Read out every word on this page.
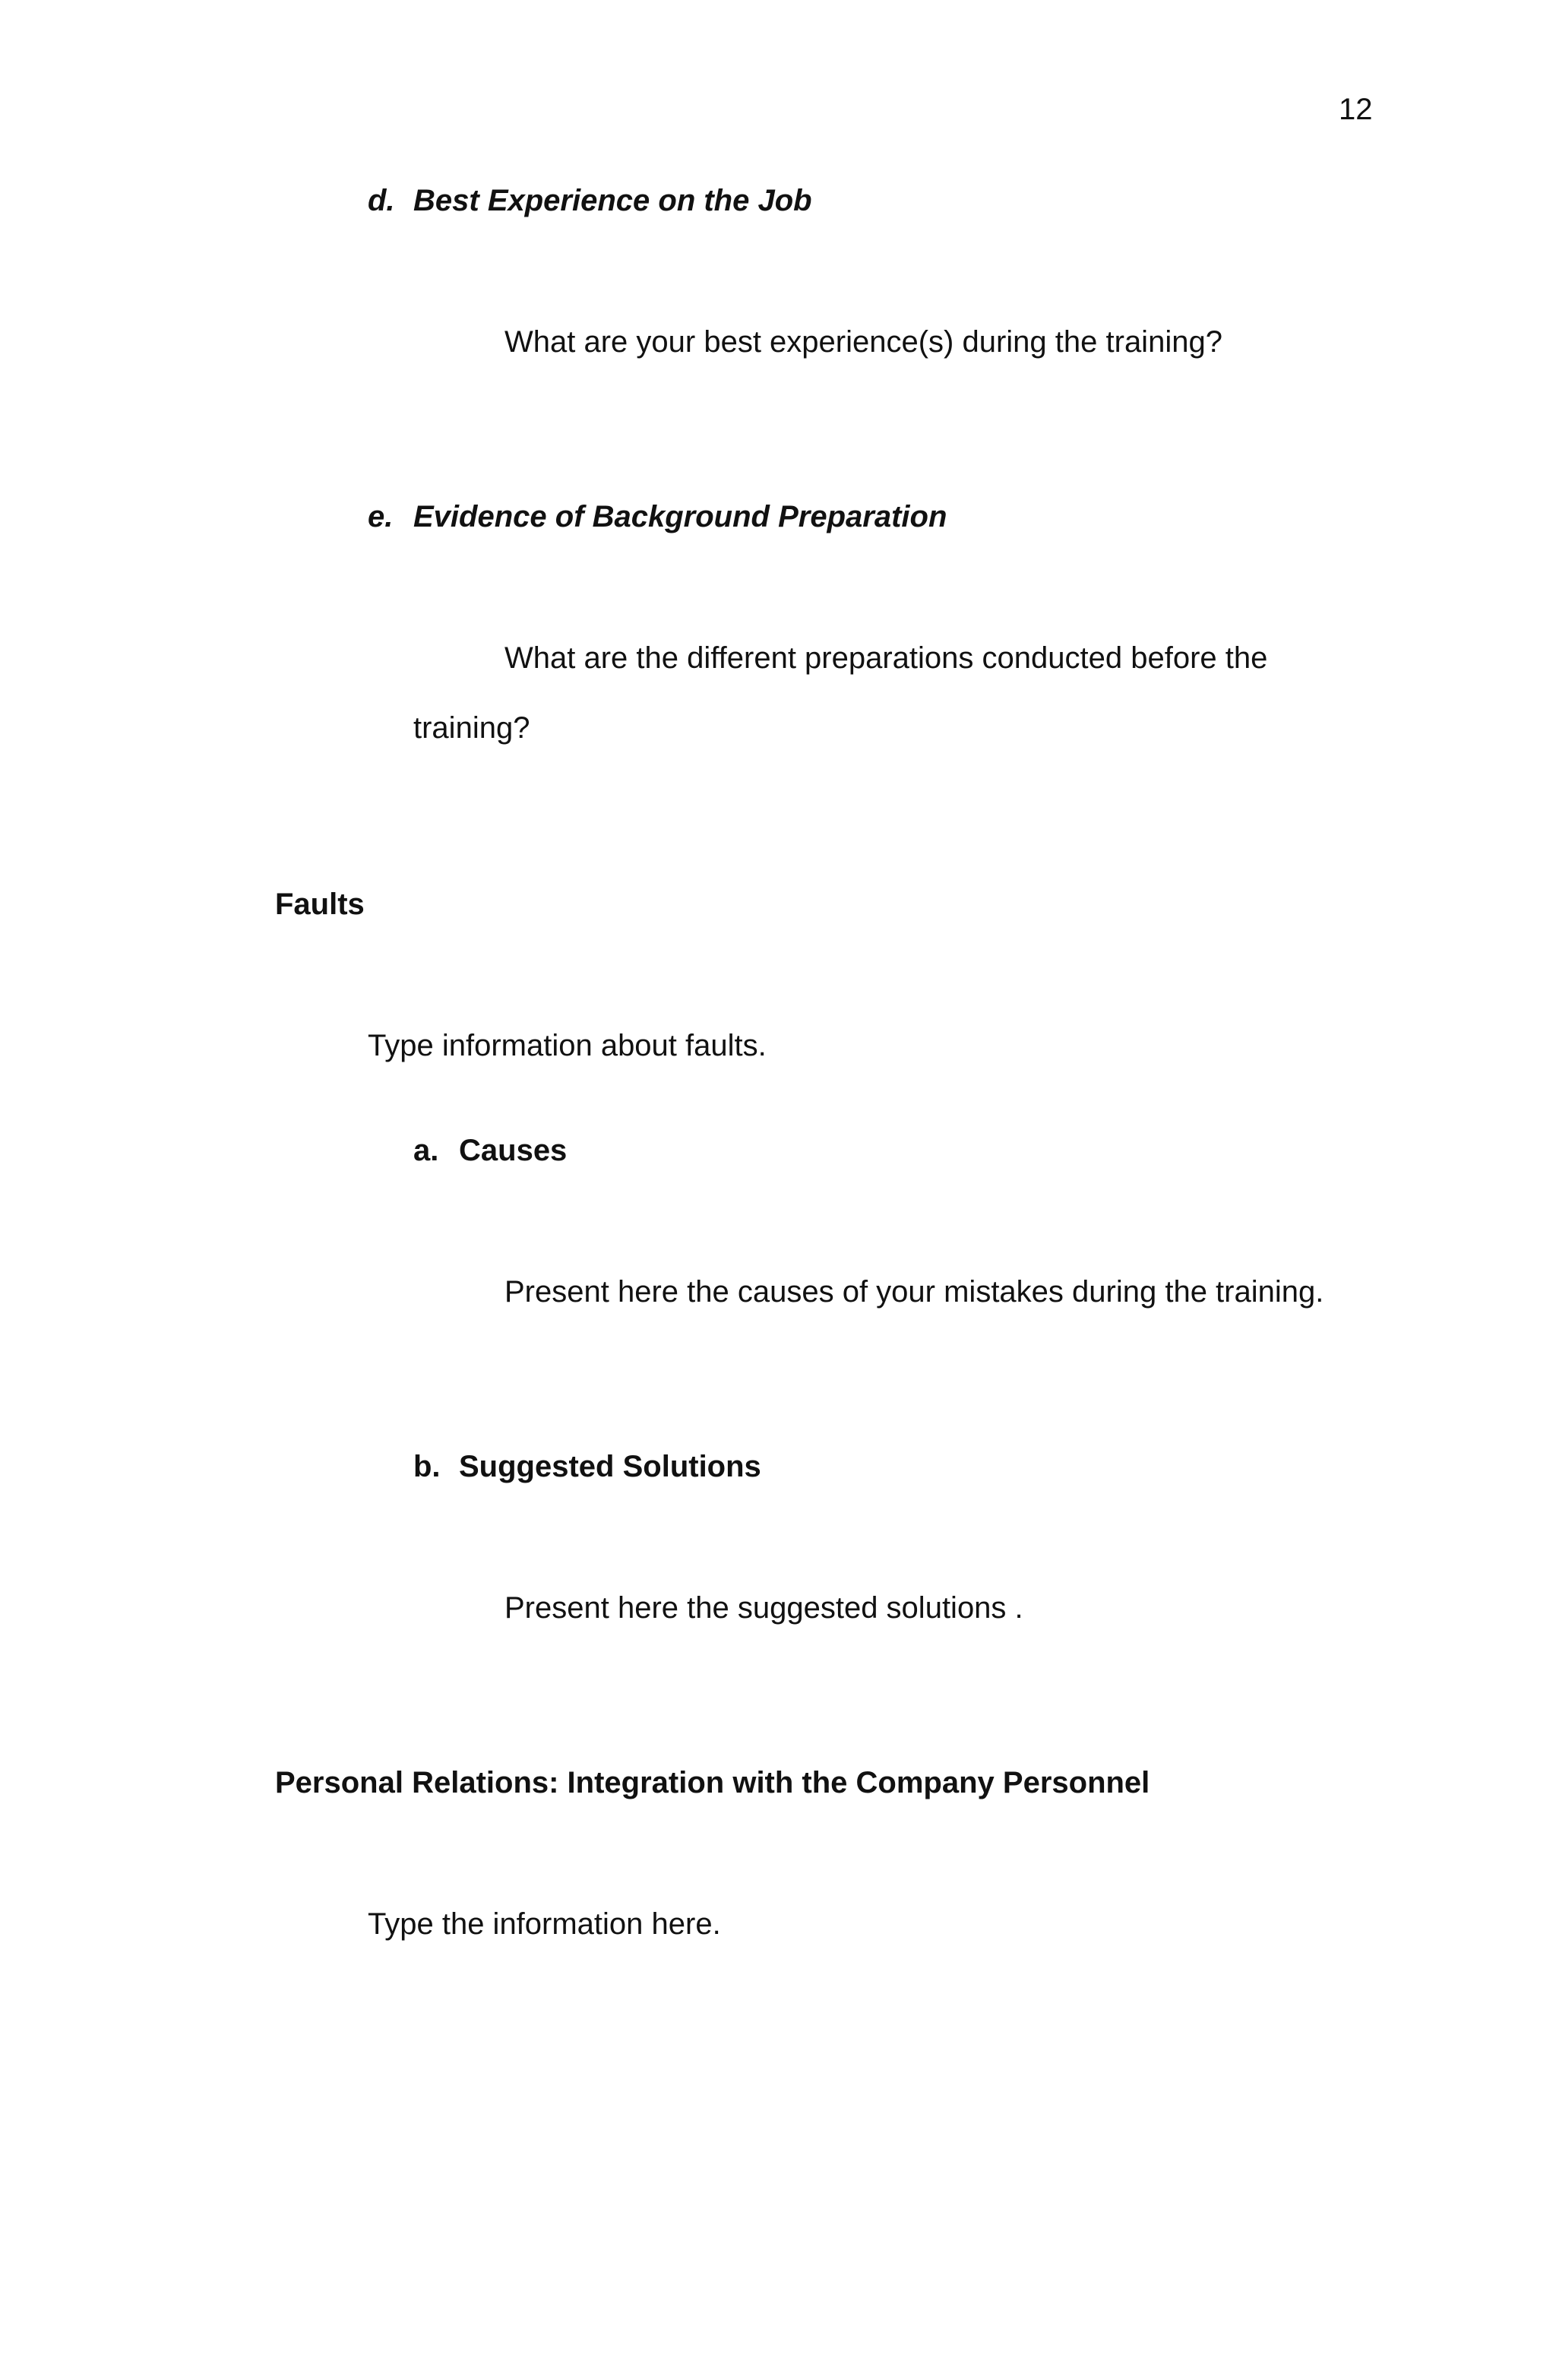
12
d. Best Experience on the Job
What are your best experience(s) during the training?
e. Evidence of Background Preparation
What are the different preparations conducted before the
training?
Faults
Type information about faults.
a. Causes
Present here the causes of your mistakes during the training.
b. Suggested Solutions
Present here the suggested solutions .
Personal Relations: Integration with the Company Personnel
Type the information here.
